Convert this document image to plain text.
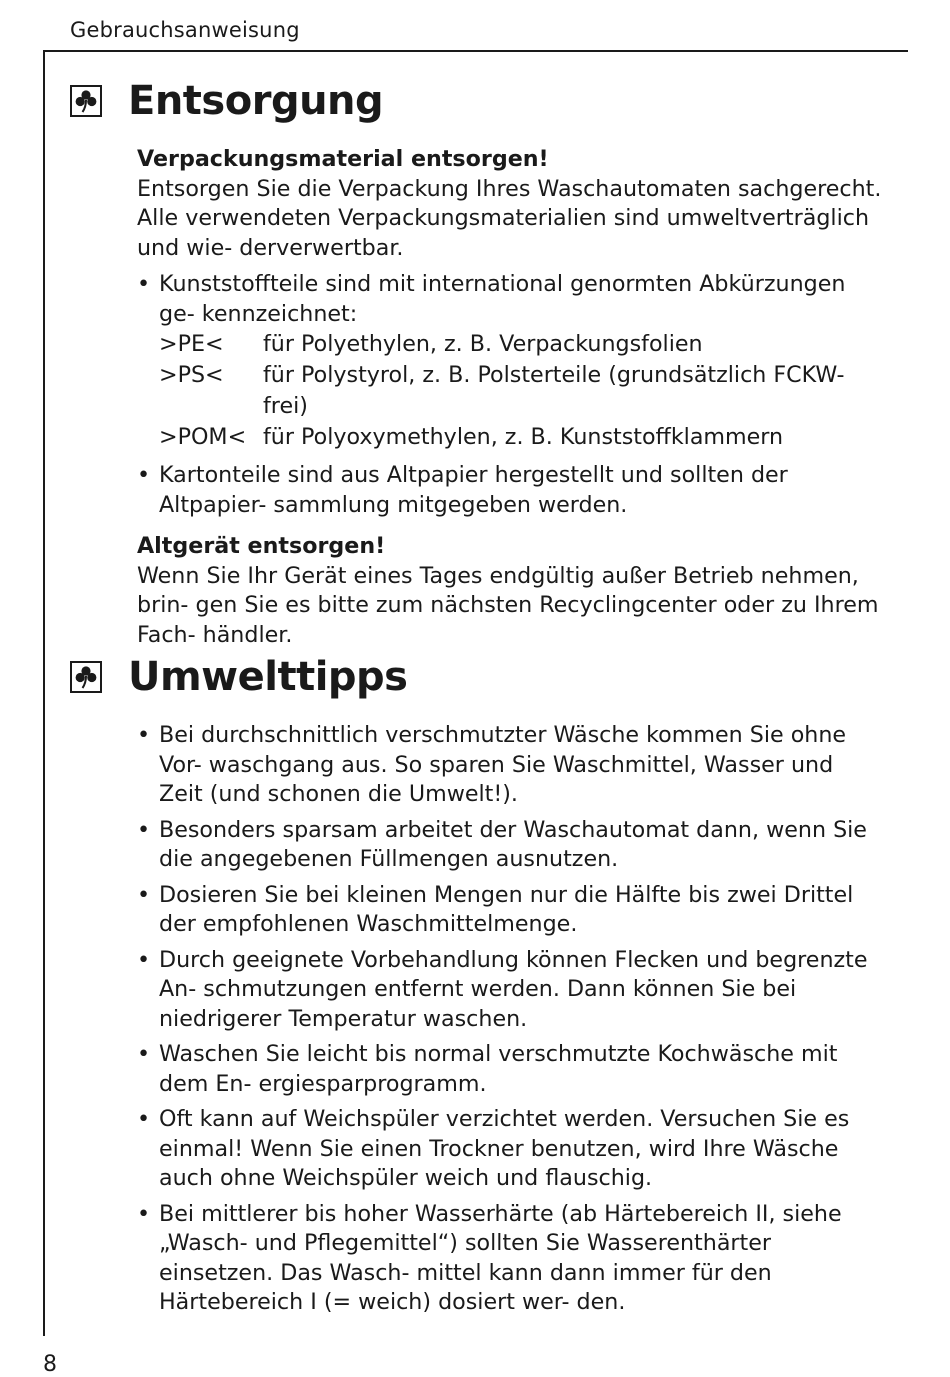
Gebrauchsanweisung
Entsorgung

Verpackungsmaterial entsorgen!

Entsorgen Sie die Verpackung Ihres Waschautomaten sachgerecht. Alle verwendeten Verpackungsmaterialien sind umweltverträglich und wie- derverwertbar.

• Kunststoffteile sind mit international genormten Abkürzungen ge- kennzeichnet:

>PE<	für Polyethylen, z. B. Verpackungsfolien
>PS<	für Polystyrol, z. B. Polsterteile (grundsätzlich FCKW-frei)
>POM< für Polyoxymethylen, z. B. Kunststoffklammern

• Kartonteile sind aus Altpapier hergestellt und sollten der Altpapier- sammlung mitgegeben werden.

Altgerät entsorgen!

Wenn Sie Ihr Gerät eines Tages endgültig außer Betrieb nehmen, brin- gen Sie es bitte zum nächsten Recyclingcenter oder zu Ihrem Fach- händler.

Umwelttipps

• Bei durchschnittlich verschmutzter Wäsche kommen Sie ohne Vor- waschgang aus. So sparen Sie Waschmittel, Wasser und Zeit (und schonen die Umwelt!).

• Besonders sparsam arbeitet der Waschautomat dann, wenn Sie die angegebenen Füllmengen ausnutzen.

• Dosieren Sie bei kleinen Mengen nur die Hälfte bis zwei Drittel der empfohlenen Waschmittelmenge.

• Durch geeignete Vorbehandlung können Flecken und begrenzte An- schmutzungen entfernt werden. Dann können Sie bei niedrigerer Temperatur waschen.

• Waschen Sie leicht bis normal verschmutzte Kochwäsche mit dem En- ergiesparprogramm.

• Oft kann auf Weichspüler verzichtet werden. Versuchen Sie es einmal! Wenn Sie einen Trockner benutzen, wird Ihre Wäsche auch ohne Weichspüler weich und flauschig.

• Bei mittlerer bis hoher Wasserhärte (ab Härtebereich II, siehe „Wasch- und Pflegemittel“) sollten Sie Wasserenthärter einsetzen. Das Wasch- mittel kann dann immer für den Härtebereich I (= weich) dosiert wer- den.

8
